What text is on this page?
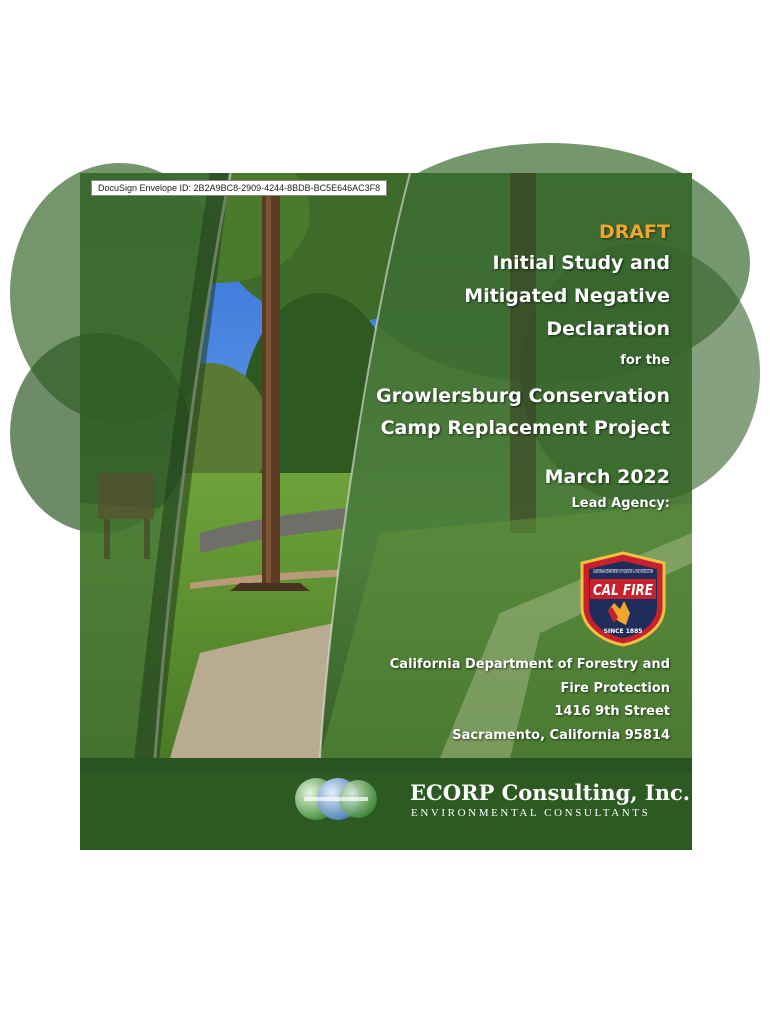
DocuSign Envelope ID: 2B2A9BC8-2909-4244-8BDB-BC5E646AC3F8
DRAFT
Initial Study and
Mitigated Negative
Declaration
for the
Growlersburg Conservation
Camp Replacement Project
March 2022
Lead Agency:
CALIFORNIA DEPARTMENT OF FORESTRY & FIRE PROTECTION
CAL FIRE
SINCE 1885
California Department of Forestry and
Fire Protection
1416 9th Street
Sacramento, California 95814
ECORP Consulting, Inc.
ENVIRONMENTAL CONSULTANTS
